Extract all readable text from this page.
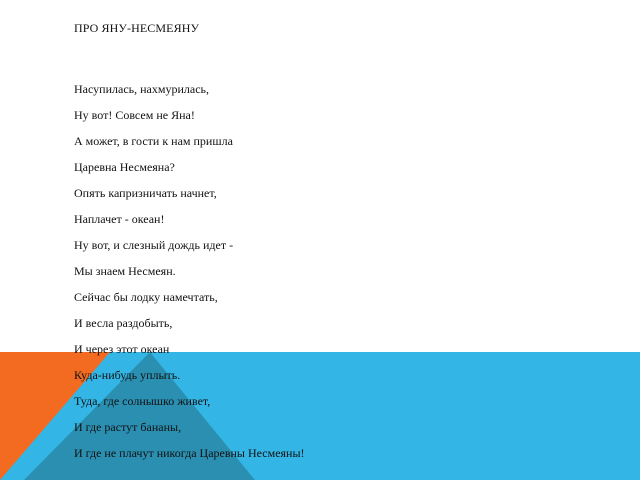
ПРО ЯНУ-НЕСМЕЯНУ
Насупилась, нахмурилась,
Ну вот! Совсем не Яна!
А может, в гости к нам пришла
Царевна Несмеяна?
Опять капризничать начнет,
Наплачет - океан!
Ну вот, и слезный дождь идет -
Мы знаем Несмеян.
Сейчас бы лодку намечтать,
И весла раздобыть,
И через этот океан
Куда-нибудь уплыть.
Туда, где солнышко живет,
И где растут бананы,
И где не плачут никогда Царевны Несмеяны!
